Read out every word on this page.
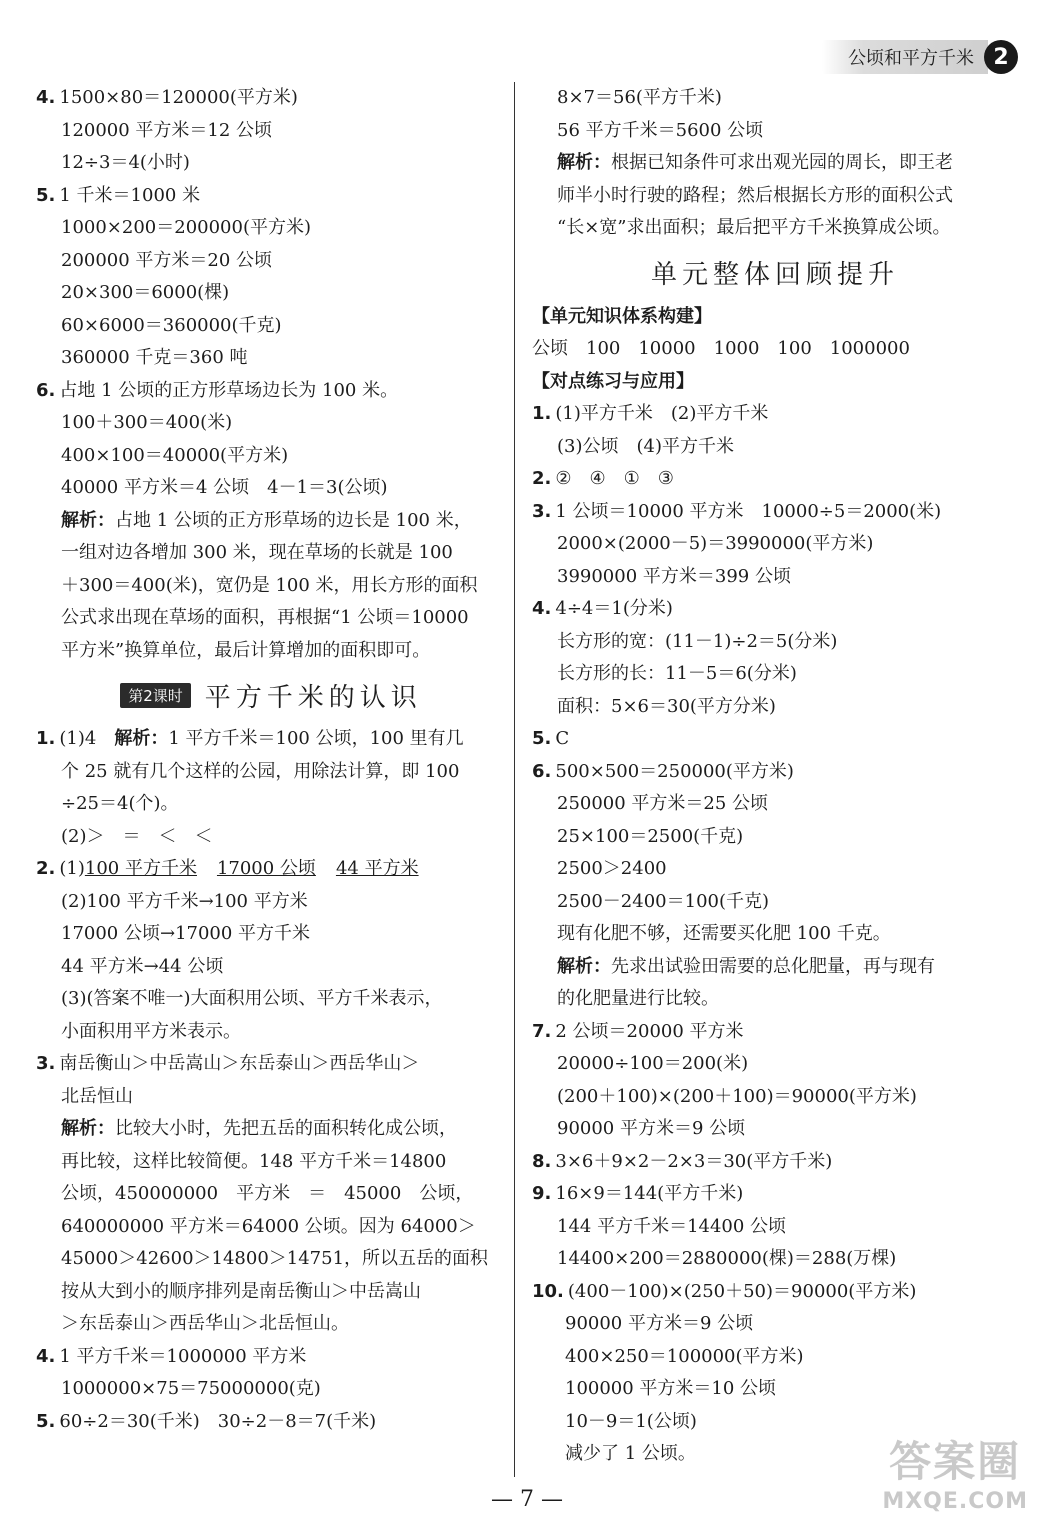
公顷和平方千米 2
4. 1500×80＝120000(平方米)
120000 平方米＝12 公顷
12÷3＝4(小时)
5. 1 千米＝1000 米
1000×200＝200000(平方米)
200000 平方米＝20 公顷
20×300＝6000(棵)
60×6000＝360000(千克)
360000 千克＝360 吨
6. 占地 1 公顷的正方形草场边长为 100 米。
100＋300＝400(米)
400×100＝40000(平方米)
40000 平方米＝4 公顷　4－1＝3(公顷)
解析：占地 1 公顷的正方形草场的边长是 100 米，
一组对边各增加 300 米，现在草场的长就是 100
＋300＝400(米)，宽仍是 100 米，用长方形的面积
公式求出现在草场的面积，再根据“1 公顷＝10000
平方米”换算单位，最后计算增加的面积即可。
第2课时 平方千米的认识
1. (1)4　解析：1 平方千米＝100 公顷，100 里有几
个 25 就有几个这样的公园，用除法计算，即 100
÷25＝4(个)。
(2)＞　＝　＜　＜
2. (1)100 平方千米 17000 公顷 44 平方米
(2)100 平方千米→100 平方米
17000 公顷→17000 平方千米
44 平方米→44 公顷
(3)(答案不唯一)大面积用公顷、平方千米表示，
小面积用平方米表示。
3. 南岳衡山＞中岳嵩山＞东岳泰山＞西岳华山＞
北岳恒山
解析：比较大小时，先把五岳的面积转化成公顷，
再比较，这样比较简便。148 平方千米＝14800
公顷，450000000　平方米　＝　45000　公顷，
640000000 平方米＝64000 公顷。因为 64000＞
45000＞42600＞14800＞14751，所以五岳的面积
按从大到小的顺序排列是南岳衡山＞中岳嵩山
＞东岳泰山＞西岳华山＞北岳恒山。
4. 1 平方千米＝1000000 平方米
1000000×75＝75000000(克)
5. 60÷2＝30(千米)　30÷2－8＝7(千米)
8×7＝56(平方千米)
56 平方千米＝5600 公顷
解析：根据已知条件可求出观光园的周长，即王老
师半小时行驶的路程；然后根据长方形的面积公式
“长×宽”求出面积；最后把平方千米换算成公顷。
单元整体回顾提升
【单元知识体系构建】
公顷　100　10000　1000　100　1000000
【对点练习与应用】
1. (1)平方千米　(2)平方千米
(3)公顷　(4)平方千米
2. ②　④　①　③
3. 1 公顷＝10000 平方米　10000÷5＝2000(米)
2000×(2000－5)＝3990000(平方米)
3990000 平方米＝399 公顷
4. 4÷4＝1(分米)
长方形的宽：(11－1)÷2＝5(分米)
长方形的长：11－5＝6(分米)
面积：5×6＝30(平方分米)
5. C
6. 500×500＝250000(平方米)
250000 平方米＝25 公顷
25×100＝2500(千克)
2500＞2400
2500－2400＝100(千克)
现有化肥不够，还需要买化肥 100 千克。
解析：先求出试验田需要的总化肥量，再与现有
的化肥量进行比较。
7. 2 公顷＝20000 平方米
20000÷100＝200(米)
(200＋100)×(200＋100)＝90000(平方米)
90000 平方米＝9 公顷
8. 3×6＋9×2－2×3＝30(平方千米)
9. 16×9＝144(平方千米)
144 平方千米＝14400 公顷
14400×200＝2880000(棵)＝288(万棵)
10. (400－100)×(250＋50)＝90000(平方米)
90000 平方米＝9 公顷
400×250＝100000(平方米)
100000 平方米＝10 公顷
10－9＝1(公顷)
减少了 1 公顷。
— 7 —
答案圈
MXQE.COM
